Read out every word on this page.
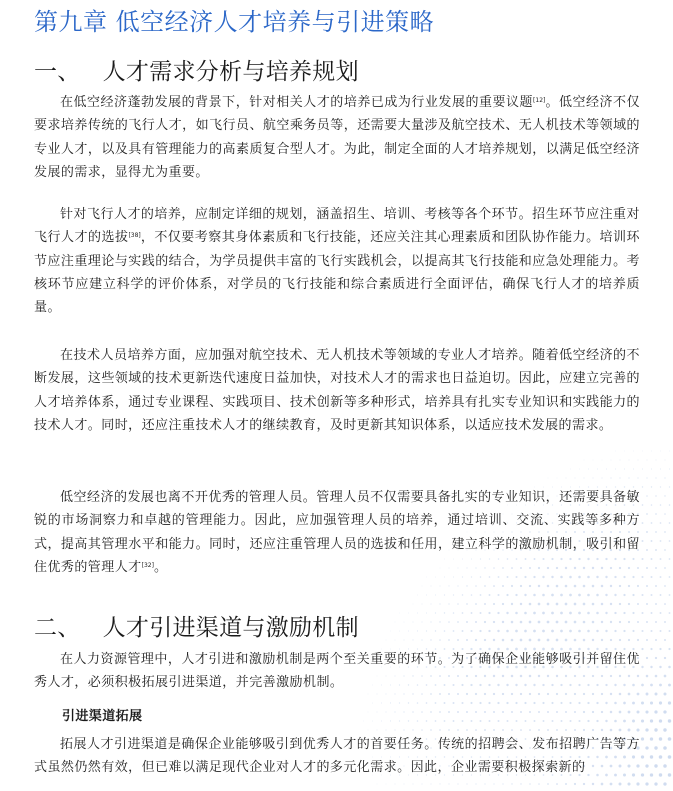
第九章 低空经济人才培养与引进策略
一、 人才需求分析与培养规划

在低空经济蓬勃发展的背景下，针对相关人才的培养已成为行业发展的重要议题[12]。低空经济不仅要求培养传统的飞行人才，如飞行员、航空乘务员等，还需要大量涉及航空技术、无人机技术等领域的专业人才，以及具有管理能力的高素质复合型人才。为此，制定全面的人才培养规划，以满足低空经济发展的需求，显得尤为重要。

针对飞行人才的培养，应制定详细的规划，涵盖招生、培训、考核等各个环节。招生环节应注重对飞行人才的选拔[38]，不仅要考察其身体素质和飞行技能，还应关注其心理素质和团队协作能力。培训环节应注重理论与实践的结合，为学员提供丰富的飞行实践机会，以提高其飞行技能和应急处理能力。考核环节应建立科学的评价体系，对学员的飞行技能和综合素质进行全面评估，确保飞行人才的培养质量。

在技术人员培养方面，应加强对航空技术、无人机技术等领域的专业人才培养。随着低空经济的不断发展，这些领域的技术更新迭代速度日益加快，对技术人才的需求也日益迫切。因此，应建立完善的人才培养体系，通过专业课程、实践项目、技术创新等多种形式，培养具有扎实专业知识和实践能力的技术人才。同时，还应注重技术人才的继续教育，及时更新其知识体系，以适应技术发展的需求。

低空经济的发展也离不开优秀的管理人员。管理人员不仅需要具备扎实的专业知识，还需要具备敏锐的市场洞察力和卓越的管理能力。因此，应加强管理人员的培养，通过培训、交流、实践等多种方式，提高其管理水平和能力。同时，还应注重管理人员的选拔和任用，建立科学的激励机制，吸引和留住优秀的管理人才[32]。

二、 人才引进渠道与激励机制

在人力资源管理中，人才引进和激励机制是两个至关重要的环节。为了确保企业能够吸引并留住优秀人才，必须积极拓展引进渠道，并完善激励机制。

引进渠道拓展

拓展人才引进渠道是确保企业能够吸引到优秀人才的首要任务。传统的招聘会、发布招聘广告等方式虽然仍然有效，但已难以满足现代企业对人才的多元化需求。因此，企业需要积极探索新的
